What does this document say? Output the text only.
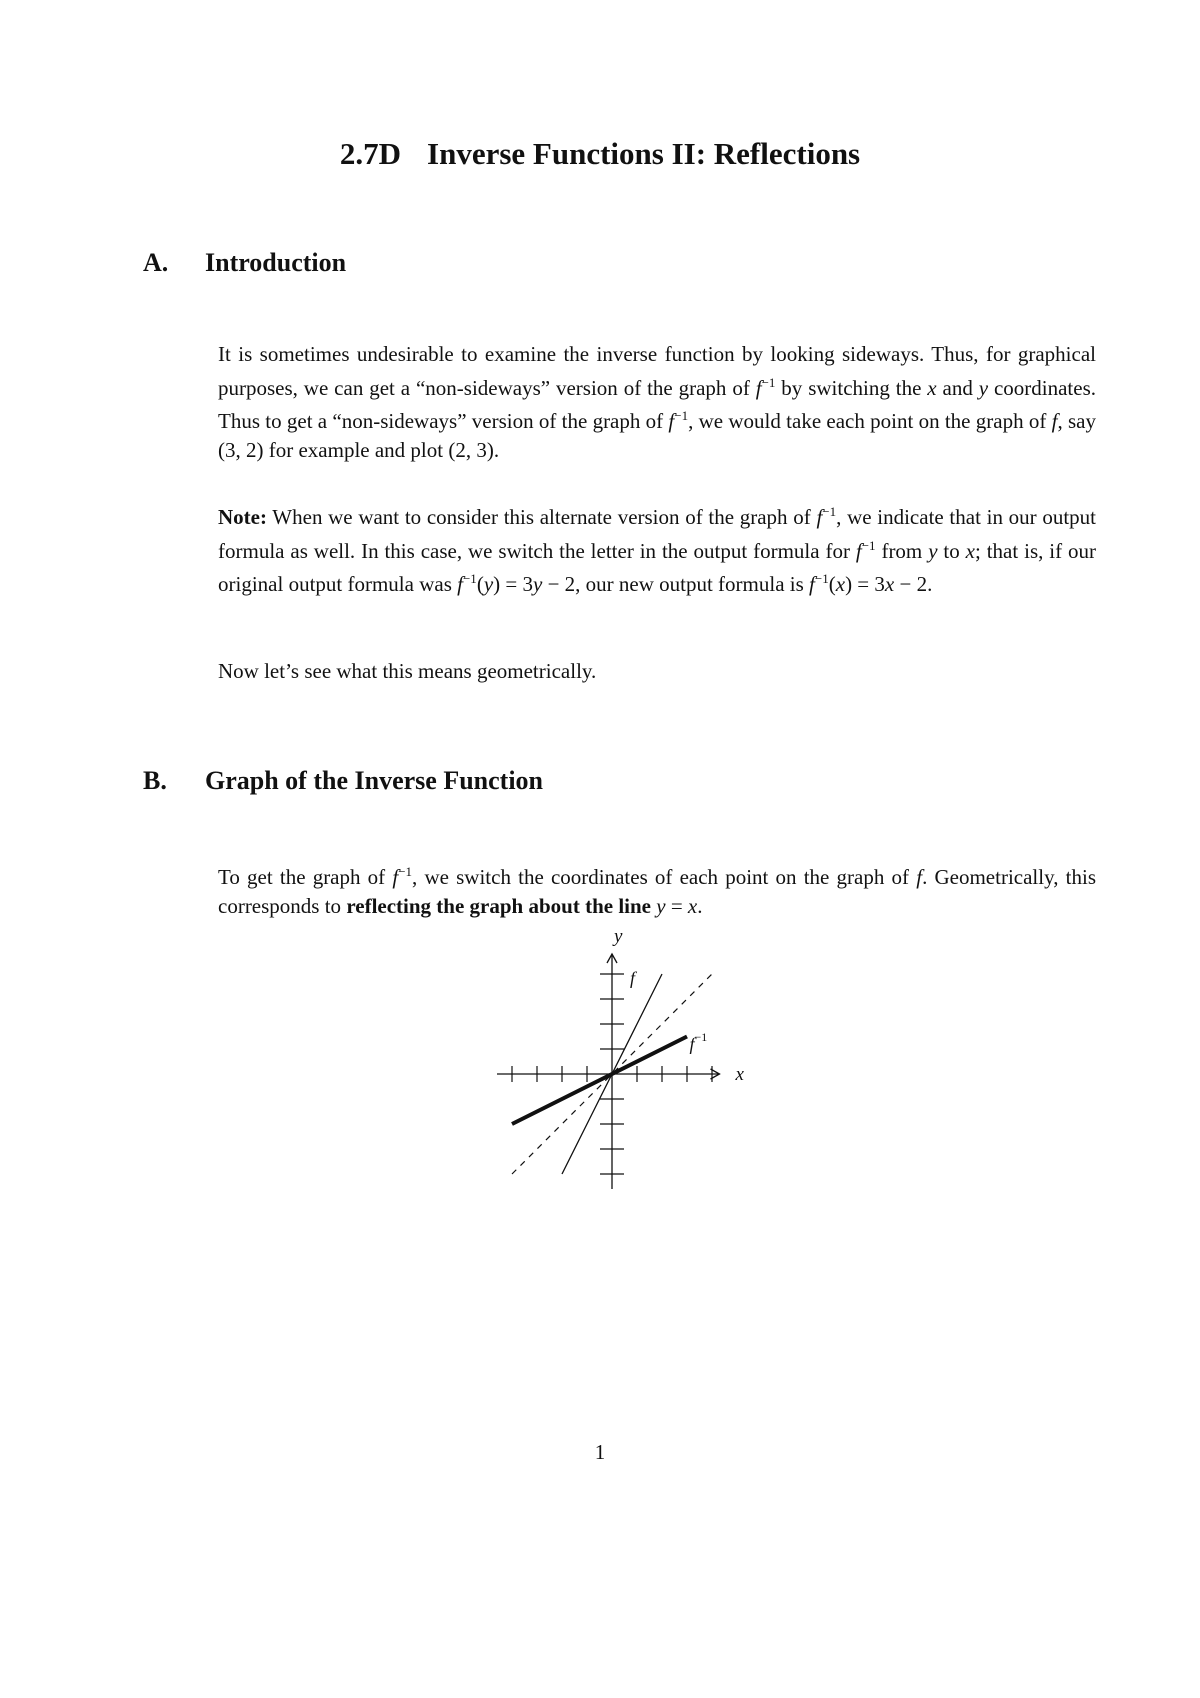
2.7D Inverse Functions II: Reflections
A. Introduction

It is sometimes undesirable to examine the inverse function by looking sideways. Thus, for graphical purposes, we can get a “non-sideways” version of the graph of $f^{-1}$ by switching the x and y coordinates. Thus to get a “non-sideways” version of the graph of $f^{-1}$, we would take each point on the graph of f, say (3, 2) for example and plot (2, 3).

Note: When we want to consider this alternate version of the graph of $f^{-1}$, we indicate that in our output formula as well. In this case, we switch the letter in the output formula for $f^{-1}$ from y to x; that is, if our original output formula was $f^{-1}(y) = 3y - 2$, our new output formula is $f^{-1}(x) = 3x - 2$.

Now let’s see what this means geometrically.

B. Graph of the Inverse Function

To get the graph of $f^{-1}$, we switch the coordinates of each point on the graph of f. Geometrically, this corresponds to reflecting the graph about the line y = x.

x
y
f
$f^{-1}$
1
